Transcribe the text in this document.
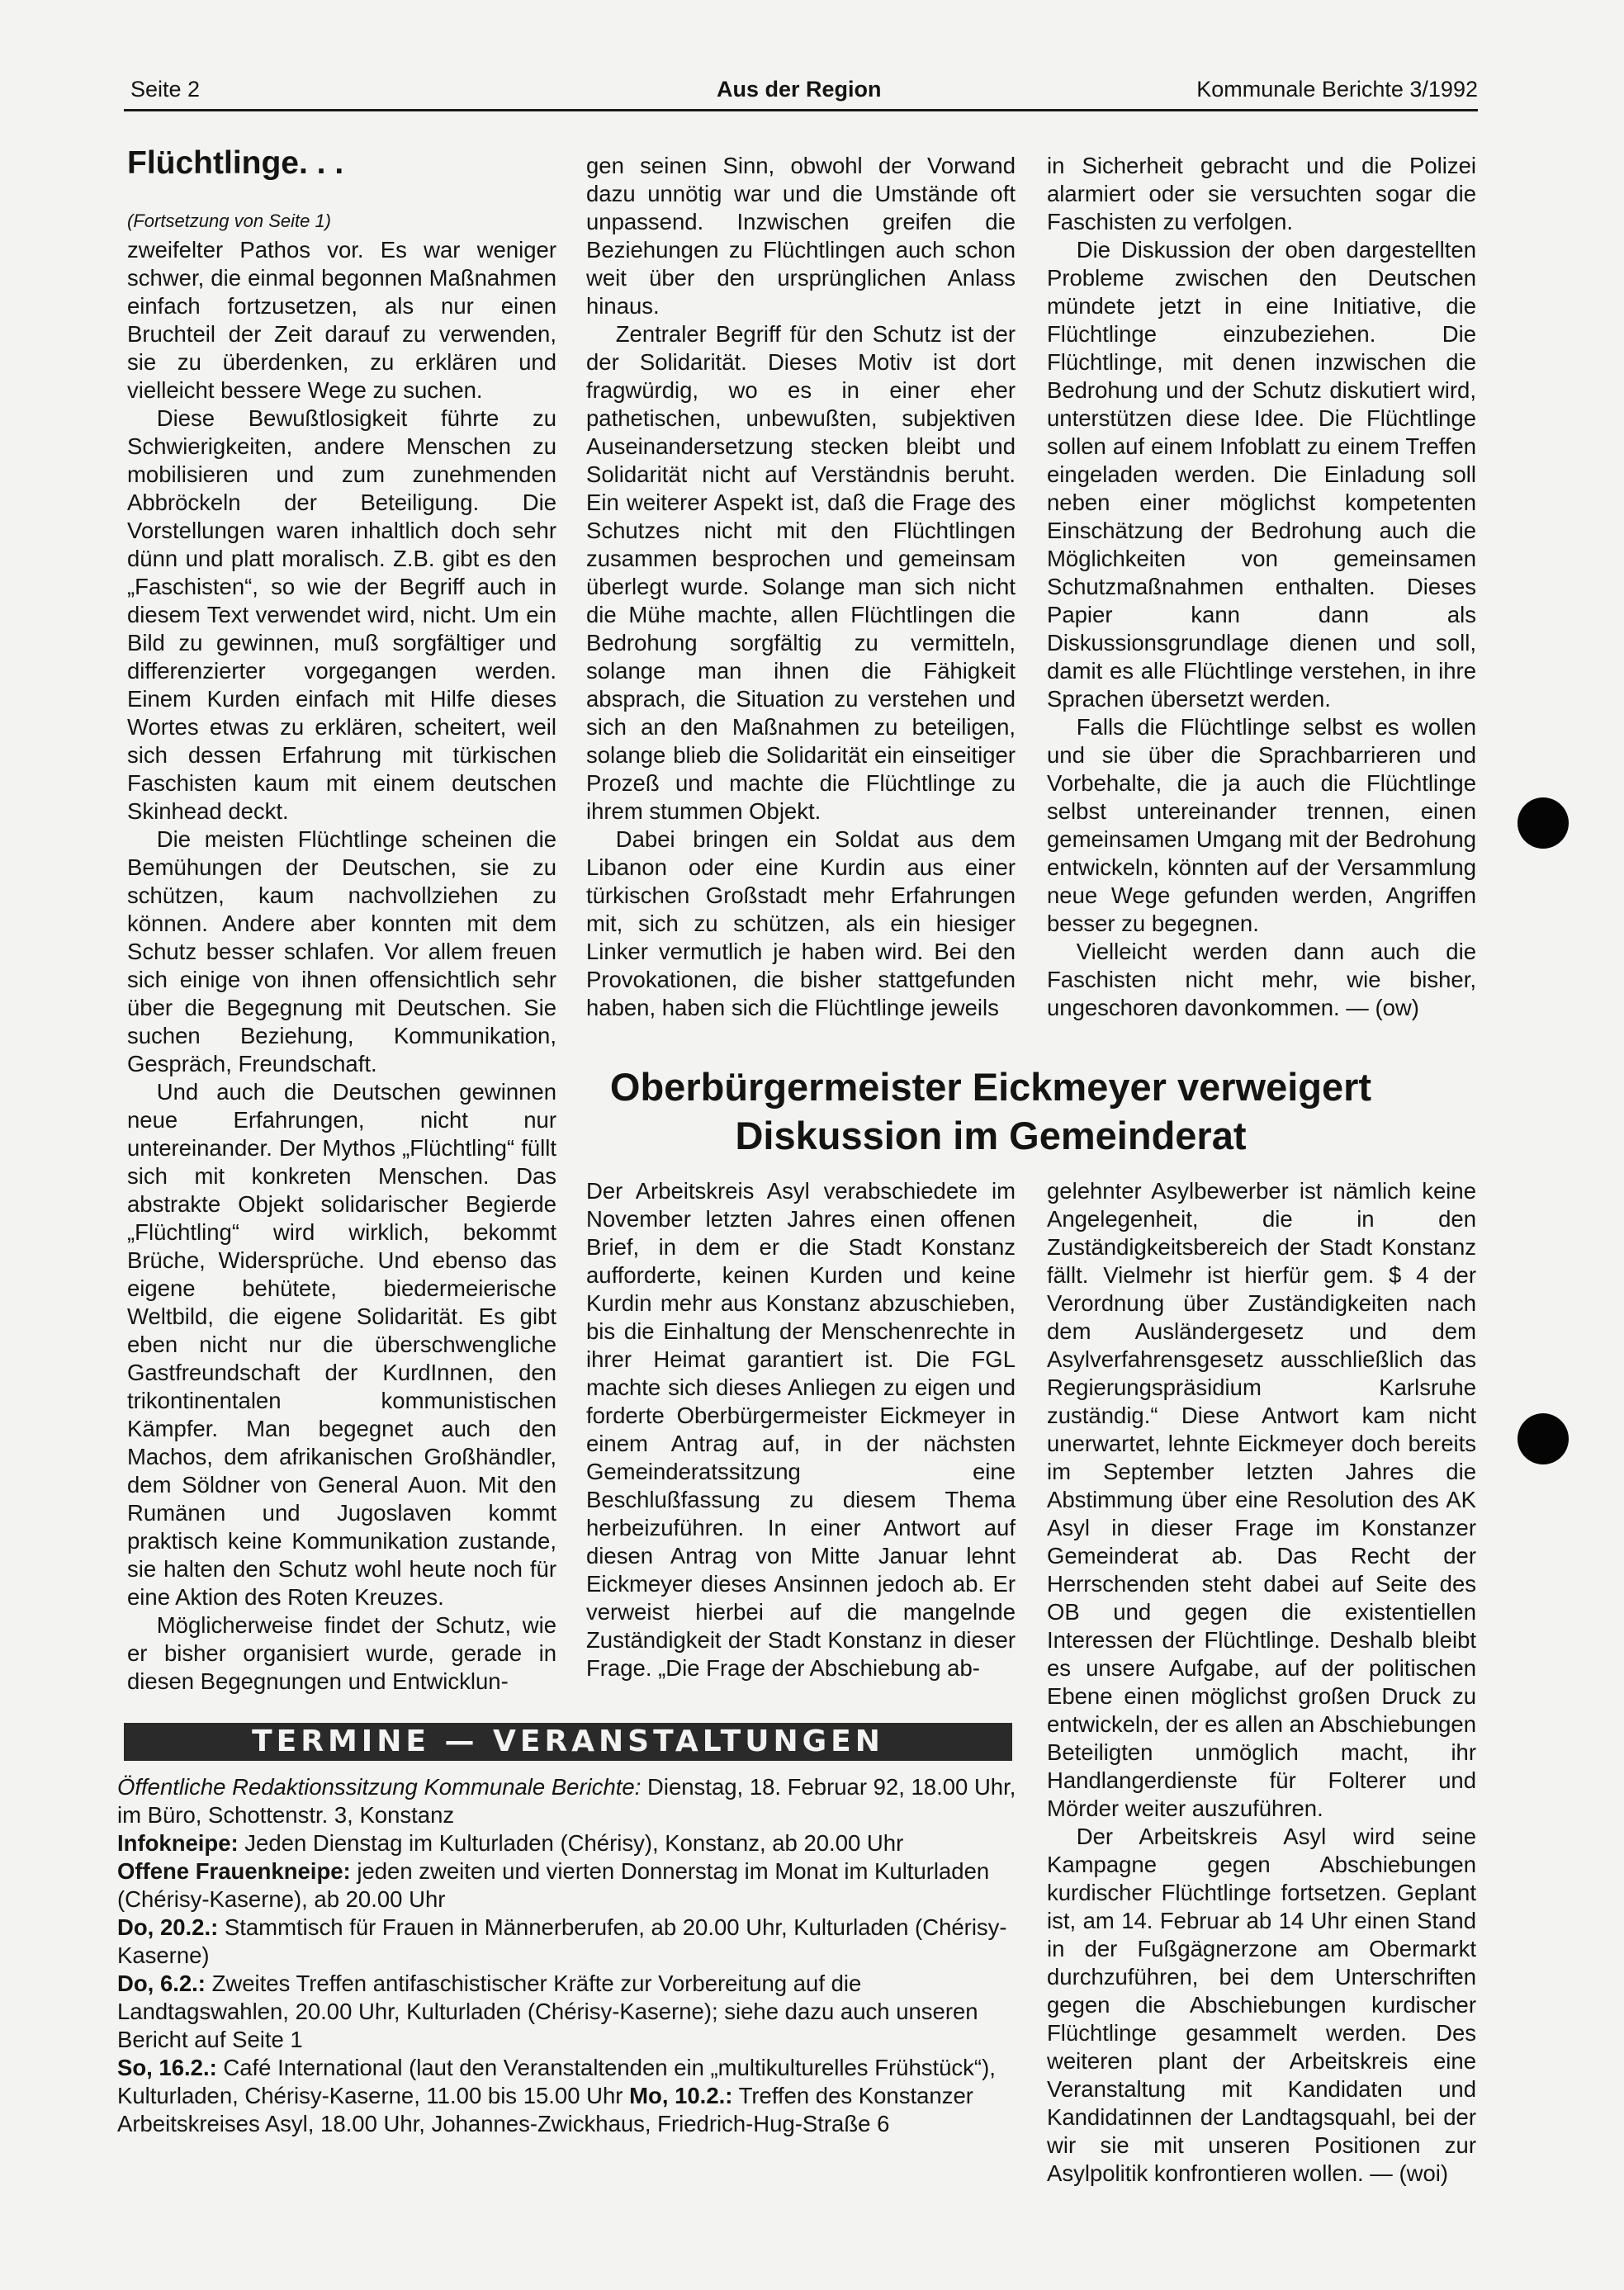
Seite 2	Aus der Region	Kommunale Berichte 3/1992
Flüchtlinge. . .
(Fortsetzung von Seite 1)

zweifelter Pathos vor. Es war weniger schwer, die einmal begonnen Maßnahmen einfach fortzusetzen, als nur einen Bruchteil der Zeit darauf zu verwenden, sie zu überdenken, zu erklären und vielleicht bessere Wege zu suchen.

Diese Bewußtlosigkeit führte zu Schwierigkeiten, andere Menschen zu mobilisieren und zum zunehmenden Abbröckeln der Beteiligung. Die Vorstellungen waren inhaltlich doch sehr dünn und platt moralisch. Z.B. gibt es den „Faschisten“, so wie der Begriff auch in diesem Text verwendet wird, nicht. Um ein Bild zu gewinnen, muß sorgfältiger und differenzierter vorgegangen werden. Einem Kurden einfach mit Hilfe dieses Wortes etwas zu erklären, scheitert, weil sich dessen Erfahrung mit türkischen Faschisten kaum mit einem deutschen Skinhead deckt.

Die meisten Flüchtlinge scheinen die Bemühungen der Deutschen, sie zu schützen, kaum nachvollziehen zu können. Andere aber konnten mit dem Schutz besser schlafen. Vor allem freuen sich einige von ihnen offensichtlich sehr über die Begegnung mit Deutschen. Sie suchen Beziehung, Kommunikation, Gespräch, Freundschaft.

Und auch die Deutschen gewinnen neue Erfahrungen, nicht nur untereinander. Der Mythos „Flüchtling“ füllt sich mit konkreten Menschen. Das abstrakte Objekt solidarischer Begierde „Flüchtling“ wird wirklich, bekommt Brüche, Widersprüche. Und ebenso das eigene behütete, biedermeierische Weltbild, die eigene Solidarität. Es gibt eben nicht nur die überschwengliche Gastfreundschaft der KurdInnen, den trikontinentalen kommunistischen Kämpfer. Man begegnet auch den Machos, dem afrikanischen Großhändler, dem Söldner von General Auon. Mit den Rumänen und Jugoslaven kommt praktisch keine Kommunikation zustande, sie halten den Schutz wohl heute noch für eine Aktion des Roten Kreuzes.

Möglicherweise findet der Schutz, wie er bisher organisiert wurde, gerade in diesen Begegnungen und Entwicklun-

gen seinen Sinn, obwohl der Vorwand dazu unnötig war und die Umstände oft unpassend. Inzwischen greifen die Beziehungen zu Flüchtlingen auch schon weit über den ursprünglichen Anlass hinaus.

Zentraler Begriff für den Schutz ist der der Solidarität. Dieses Motiv ist dort fragwürdig, wo es in einer eher pathetischen, unbewußten, subjektiven Auseinandersetzung stecken bleibt und Solidarität nicht auf Verständnis beruht. Ein weiterer Aspekt ist, daß die Frage des Schutzes nicht mit den Flüchtlingen zusammen besprochen und gemeinsam überlegt wurde. Solange man sich nicht die Mühe machte, allen Flüchtlingen die Bedrohung sorgfältig zu vermitteln, solange man ihnen die Fähigkeit absprach, die Situation zu verstehen und sich an den Maßnahmen zu beteiligen, solange blieb die Solidarität ein einseitiger Prozeß und machte die Flüchtlinge zu ihrem stummen Objekt.

Dabei bringen ein Soldat aus dem Libanon oder eine Kurdin aus einer türkischen Großstadt mehr Erfahrungen mit, sich zu schützen, als ein hiesiger Linker vermutlich je haben wird. Bei den Provokationen, die bisher stattgefunden haben, haben sich die Flüchtlinge jeweils

in Sicherheit gebracht und die Polizei alarmiert oder sie versuchten sogar die Faschisten zu verfolgen.

Die Diskussion der oben dargestellten Probleme zwischen den Deutschen mündete jetzt in eine Initiative, die Flüchtlinge einzubeziehen. Die Flüchtlinge, mit denen inzwischen die Bedrohung und der Schutz diskutiert wird, unterstützen diese Idee. Die Flüchtlinge sollen auf einem Infoblatt zu einem Treffen eingeladen werden. Die Einladung soll neben einer möglichst kompetenten Einschätzung der Bedrohung auch die Möglichkeiten von gemeinsamen Schutzmaßnahmen enthalten. Dieses Papier kann dann als Diskussionsgrundlage dienen und soll, damit es alle Flüchtlinge verstehen, in ihre Sprachen übersetzt werden.

Falls die Flüchtlinge selbst es wollen und sie über die Sprachbarrieren und Vorbehalte, die ja auch die Flüchtlinge selbst untereinander trennen, einen gemeinsamen Umgang mit der Bedrohung entwickeln, könnten auf der Versammlung neue Wege gefunden werden, Angriffen besser zu begegnen.

Vielleicht werden dann auch die Faschisten nicht mehr, wie bisher, ungeschoren davonkommen. — (ow)

Oberbürgermeister Eickmeyer verweigert Diskussion im Gemeinderat

Der Arbeitskreis Asyl verabschiedete im November letzten Jahres einen offenen Brief, in dem er die Stadt Konstanz aufforderte, keinen Kurden und keine Kurdin mehr aus Konstanz abzuschieben, bis die Einhaltung der Menschenrechte in ihrer Heimat garantiert ist. Die FGL machte sich dieses Anliegen zu eigen und forderte Oberbürgermeister Eickmeyer in einem Antrag auf, in der nächsten Gemeinderatssitzung eine Beschlußfassung zu diesem Thema herbeizuführen. In einer Antwort auf diesen Antrag von Mitte Januar lehnt Eickmeyer dieses Ansinnen jedoch ab. Er verweist hierbei auf die mangelnde Zuständigkeit der Stadt Konstanz in dieser Frage. „Die Frage der Abschiebung ab-

gelehnter Asylbewerber ist nämlich keine Angelegenheit, die in den Zuständigkeitsbereich der Stadt Konstanz fällt. Vielmehr ist hierfür gem. $ 4 der Verordnung über Zuständigkeiten nach dem Ausländergesetz und dem Asylverfahrensgesetz ausschließlich das Regierungspräsidium Karlsruhe zuständig.“ Diese Antwort kam nicht unerwartet, lehnte Eickmeyer doch bereits im September letzten Jahres die Abstimmung über eine Resolution des AK Asyl in dieser Frage im Konstanzer Gemeinderat ab. Das Recht der Herrschenden steht dabei auf Seite des OB und gegen die existentiellen Interessen der Flüchtlinge. Deshalb bleibt es unsere Aufgabe, auf der politischen Ebene einen möglichst großen Druck zu entwickeln, der es allen an Abschiebungen Beteiligten unmöglich macht, ihr Handlangerdienste für Folterer und Mörder weiter auszuführen.

Der Arbeitskreis Asyl wird seine Kampagne gegen Abschiebungen kurdischer Flüchtlinge fortsetzen. Geplant ist, am 14. Februar ab 14 Uhr einen Stand in der Fußgägnerzone am Obermarkt durchzuführen, bei dem Unterschriften gegen die Abschiebungen kurdischer Flüchtlinge gesammelt werden. Des weiteren plant der Arbeitskreis eine Veranstaltung mit Kandidaten und Kandidatinnen der Landtagsquahl, bei der wir sie mit unseren Positionen zur Asylpolitik konfrontieren wollen. — (woi)

TERMINE — VERANSTALTUNGEN

Öffentliche Redaktionssitzung Kommunale Berichte: Dienstag, 18. Februar 92, 18.00 Uhr, im Büro, Schottenstr. 3, Konstanz

Infokneipe: Jeden Dienstag im Kulturladen (Chérisy), Konstanz, ab 20.00 Uhr

Offene Frauenkneipe: jeden zweiten und vierten Donnerstag im Monat im Kulturladen (Chérisy-Kaserne), ab 20.00 Uhr

Do, 20.2.: Stammtisch für Frauen in Männerberufen, ab 20.00 Uhr, Kulturladen (Chérisy-Kaserne)

Do, 6.2.: Zweites Treffen antifaschistischer Kräfte zur Vorbereitung auf die Landtagswahlen, 20.00 Uhr, Kulturladen (Chérisy-Kaserne); siehe dazu auch unseren Bericht auf Seite 1

So, 16.2.: Café International (laut den Veranstaltenden ein „multikulturelles Frühstück“), Kulturladen, Chérisy-Kaserne, 11.00 bis 15.00 Uhr Mo, 10.2.: Treffen des Konstanzer Arbeitskreises Asyl, 18.00 Uhr, Johannes-Zwickhaus, Friedrich-Hug-Straße 6
